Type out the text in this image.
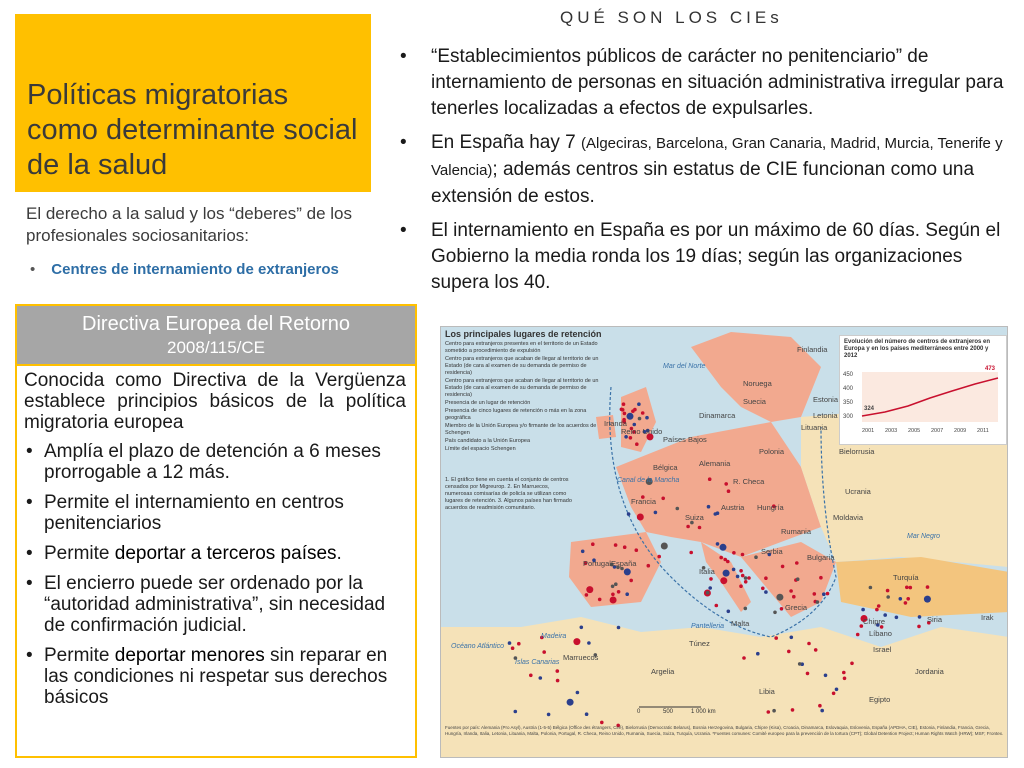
Políticas migratorias como determinante social de la salud
El derecho a la salud y los “deberes” de los profesionales sociosanitarios:
• Centres de internamiento de extranjeros
Directiva Europea del Retorno
2008/115/CE

Conocida como Directiva de la Vergüenza establece principios básicos de la política migratoria europea

• Amplía el plazo de detención a 6 meses prorrogable a 12 más.
• Permite el internamiento en centros penitenciarios
• Permite deportar a terceros países.
• El encierro puede ser ordenado por la “autoridad administrativa”, sin necesidad de confirmación judicial.
• Permite deportar menores sin reparar en las condiciones ni respetar sus derechos básicos
QUÉ SON LOS CIEs
• “Establecimientos públicos de carácter no penitenciario” de internamiento de personas en situación administrativa irregular para tenerles localizadas a efectos de expulsarles.
• En España hay 7 (Algeciras, Barcelona, Gran Canaria, Madrid, Murcia, Tenerife y Valencia); además centros sin estatus de CIE funcionan como una extensión de estos.
• El internamiento en España es por un máximo de 60 días. Según el Gobierno la media ronda los 19 días; según las organizaciones supera los 40.
Los principales lugares de retención
Centro para extranjeros presentes en el territorio de un Estado sometido a procedimiento de expulsión
Centro para extranjeros que acaban de llegar al territorio de un Estado (de cara al examen de su demanda de permiso de residencia)
Centro para extranjeros que acaban de llegar al territorio de un Estado (de cara al examen de su demanda de permiso de residencia)
Presencia de un lugar de retención
Presencia de cinco lugares de retención o más en la zona geográfica
Miembro de la Unión Europea y/o firmante de los acuerdos de Schengen
País candidato a la Unión Europea
Límite del espacio Schengen
1. El gráfico tiene en cuenta el conjunto de centros censados por Migreurop. 2. En Marruecos, numerosas comisarías de policía se utilizan como lugares de retención. 3. Algunos países han firmado acuerdos de readmisión comunitario.
Evolución del número de centros de extranjeros en Europa y en los países mediterráneos entre 2000 y 2012
450
400
350
300
2001 2003 2005 2007 2009 2011
324
473
Finlandia
Noruega
Suecia	Estonia
Letonia
Lituania
Irlanda
Reino Unido
Dinamarca
Países Bajos
Alemania
Polonia	Bielorrusia
Bélgica
R. Checa
Ucrania
Francia
Austria Hungría
Moldavia
Suiza
Rumania
Serbia
Bulgaria
Portugal España
Italia
Turquía
Grecia
Siria
Malta
Túnez
Chipre
Líbano
Israel
Irak
Marruecos
Argelia
Libia
Egipto
Jordania
Mar del Norte
Mar Negro
Océano Atlántico
Canal de la Mancha
Pantelleria
Madeira
Islas Canarias
0	500	1 000 km
Fuentes por país: Alemania (Pro Asyl), Austria (1-5-5) Bélgica (Office des étrangers, Ciré), Bielorrusia (Democratic Belarus), Bosnia Herzegovina, Bulgaria, Chipre (Kisa), Croacia, Dinamarca, Eslovaquia, Eslovenia, España (APDHA, CIE), Estonia, Finlandia, Francia, Grecia, Hungría, Irlanda, Italia, Letonia, Lituania, Malta, Polonia, Portugal, R. Checa, Reino Unido, Rumania, Suecia, Suiza, Turquía, Ucrania. *Fuentes comunes: Comité europeo para la prevención de la tortura (CPT); Global Detention Project; Human Rights Watch (HRW); MSF; Frontex.
